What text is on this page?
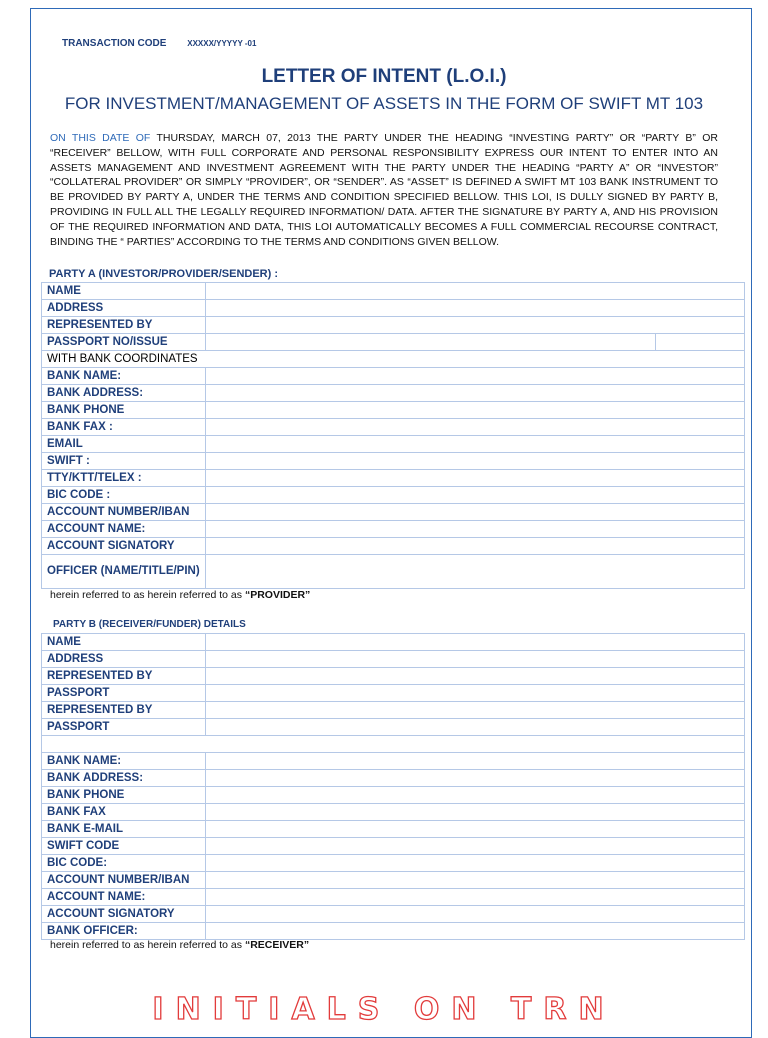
TRANSACTION CODE	XXXXX/YYYYY -01
LETTER OF INTENT (L.O.I.)
FOR INVESTMENT/MANAGEMENT OF ASSETS IN THE FORM OF SWIFT MT 103
ON THIS DATE OF THURSDAY, MARCH 07, 2013 THE PARTY UNDER THE HEADING “INVESTING PARTY” OR “PARTY B” OR “RECEIVER” BELLOW, WITH FULL CORPORATE AND PERSONAL RESPONSIBILITY EXPRESS OUR INTENT TO ENTER INTO AN ASSETS MANAGEMENT AND INVESTMENT AGREEMENT WITH THE PARTY UNDER THE HEADING “PARTY A” OR “INVESTOR” “COLLATERAL PROVIDER” OR SIMPLY “PROVIDER”, OR “SENDER”. AS “ASSET” IS DEFINED A SWIFT MT 103 BANK INSTRUMENT TO BE PROVIDED BY PARTY A, UNDER THE TERMS AND CONDITION SPECIFIED BELLOW. THIS LOI, IS DULLY SIGNED BY PARTY B, PROVIDING IN FULL ALL THE LEGALLY REQUIRED INFORMATION/ DATA. AFTER THE SIGNATURE BY PARTY A, AND HIS PROVISION OF THE REQUIRED INFORMATION AND DATA, THIS LOI AUTOMATICALLY BECOMES A FULL COMMERCIAL RECOURSE CONTRACT, BINDING THE “ PARTIES” ACCORDING TO THE TERMS AND CONDITIONS GIVEN BELLOW.
PARTY A (INVESTOR/PROVIDER/SENDER) :
NAME	
ADDRESS	
REPRESENTED BY	
PASSPORT NO/ISSUE	

WITH BANK COORDINATES	
BANK NAME:	
BANK ADDRESS:	
BANK PHONE	
BANK FAX :	
EMAIL	
SWIFT :	
TTY/KTT/TELEX :	
BIC CODE :	
ACCOUNT NUMBER/IBAN	
ACCOUNT NAME:	
ACCOUNT SIGNATORY	
OFFICER (NAME/TITLE/PIN)	
herein referred to as herein referred to as “PROVIDER”
PARTY B (RECEIVER/FUNDER) DETAILS
NAME	
ADDRESS	
REPRESENTED BY	
PASSPORT	
REPRESENTED BY	
PASSPORT	

BANK NAME:	
BANK ADDRESS:	
BANK PHONE	
BANK FAX	
BANK E-MAIL	
SWIFT CODE	
BIC CODE:	
ACCOUNT NUMBER/IBAN	
ACCOUNT NAME:	
ACCOUNT SIGNATORY	
BANK OFFICER:	
herein referred to as herein referred to as “RECEIVER”
INITIALS ON TRN
